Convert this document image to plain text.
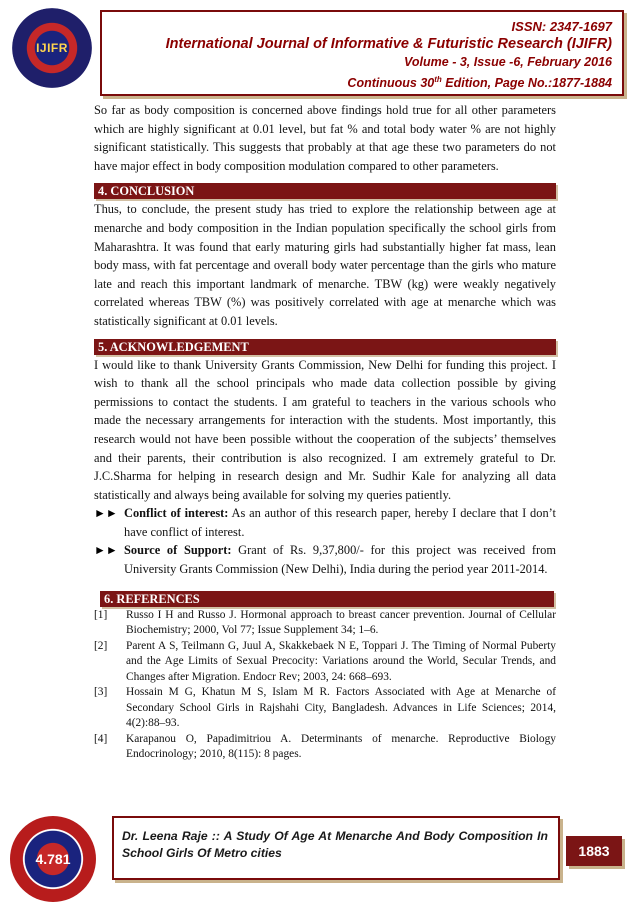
IJIFR
ISSN: 2347-1697
International Journal of Informative & Futuristic Research (IJIFR)
Volume - 3, Issue -6, February 2016
Continuous 30th Edition, Page No.:1877-1884

So far as body composition is concerned above findings hold true for all other parameters which are highly significant at 0.01 level, but fat % and total body water % are not highly significant statistically. This suggests that probably at that age these two parameters do not have major effect in body composition modulation compared to other parameters.

4. CONCLUSION

Thus, to conclude, the present study has tried to explore the relationship between age at menarche and body composition in the Indian population specifically the school girls from Maharashtra. It was found that early maturing girls had substantially higher fat mass, lean body mass, with fat percentage and overall body water percentage than the girls who mature late and reach this important landmark of menarche. TBW (kg) were weakly negatively correlated whereas TBW (%) was positively correlated with age at menarche which was statistically significant at 0.01 levels.

5. ACKNOWLEDGEMENT

I would like to thank University Grants Commission, New Delhi for funding this project. I wish to thank all the school principals who made data collection possible by giving permissions to contact the students. I am grateful to teachers in the various schools who made the necessary arrangements for interaction with the students. Most importantly, this research would not have been possible without the cooperation of the subjects’ themselves and their parents, their contribution is also recognized. I am extremely grateful to Dr. J.C.Sharma for helping in research design and Mr. Sudhir Kale for analyzing all data statistically and always being available for solving my queries patiently.

►► Conflict of interest: As an author of this research paper, hereby I declare that I don’t have conflict of interest.
►► Source of Support: Grant of Rs. 9,37,800/- for this project was received from University Grants Commission (New Delhi), India during the period year 2011-2014.
6. REFERENCES
[1]	Russo I H and Russo J. Hormonal approach to breast cancer prevention. Journal of Cellular Biochemistry; 2000, Vol 77; Issue Supplement 34; 1–6.
[2]	Parent A S, Teilmann G, Juul A, Skakkebaek N E, Toppari J. The Timing of Normal Puberty and the Age Limits of Sexual Precocity: Variations around the World, Secular Trends, and Changes after Migration. Endocr Rev; 2003, 24: 668–693.
[3]	Hossain M G, Khatun M S, Islam M R. Factors Associated with Age at Menarche of Secondary School Girls in Rajshahi City, Bangladesh. Advances in Life Sciences; 2014, 4(2):88–93.
[4]	Karapanou O, Papadimitriou A. Determinants of menarche. Reproductive Biology Endocrinology; 2010, 8(115): 8 pages.
4.781
Dr. Leena Raje :: A Study Of Age At Menarche And Body Composition In School Girls Of Metro cities	1883
